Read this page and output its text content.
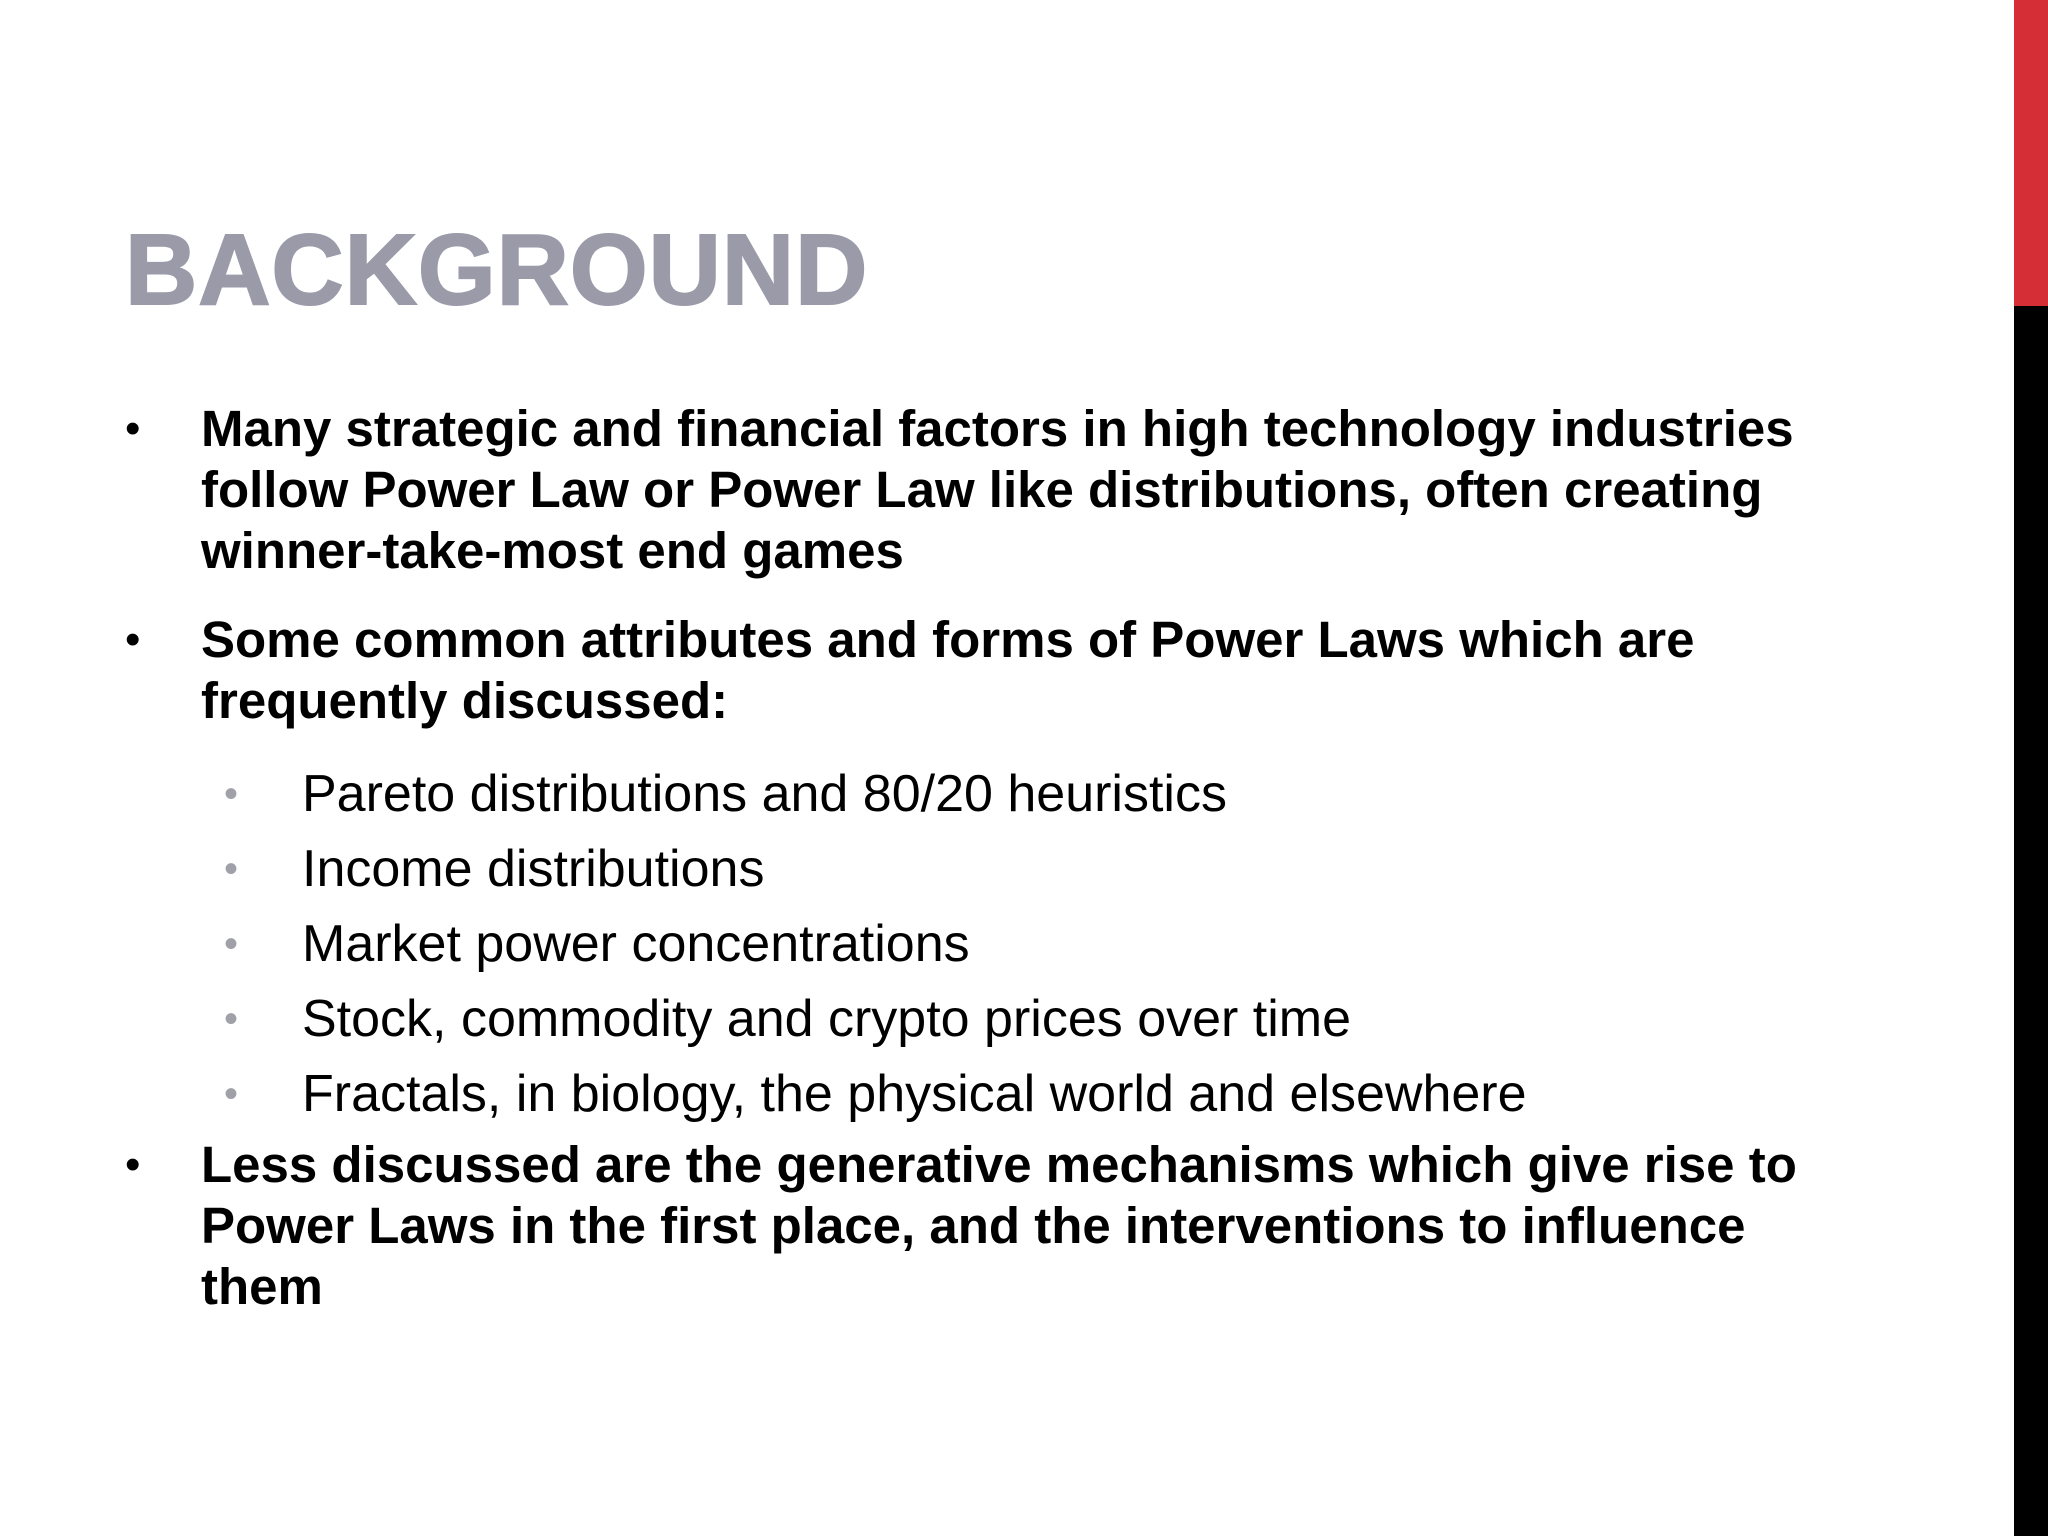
BACKGROUND
• Many strategic and financial factors in high technology industries follow Power Law or Power Law like distributions, often creating winner-take-most end games
• Some common attributes and forms of Power Laws which are frequently discussed:
• Pareto distributions and 80/20 heuristics
• Income distributions
• Market power concentrations
• Stock, commodity and crypto prices over time
• Fractals, in biology, the physical world and elsewhere
• Less discussed are the generative mechanisms which give rise to Power Laws in the first place, and the interventions to influence them
